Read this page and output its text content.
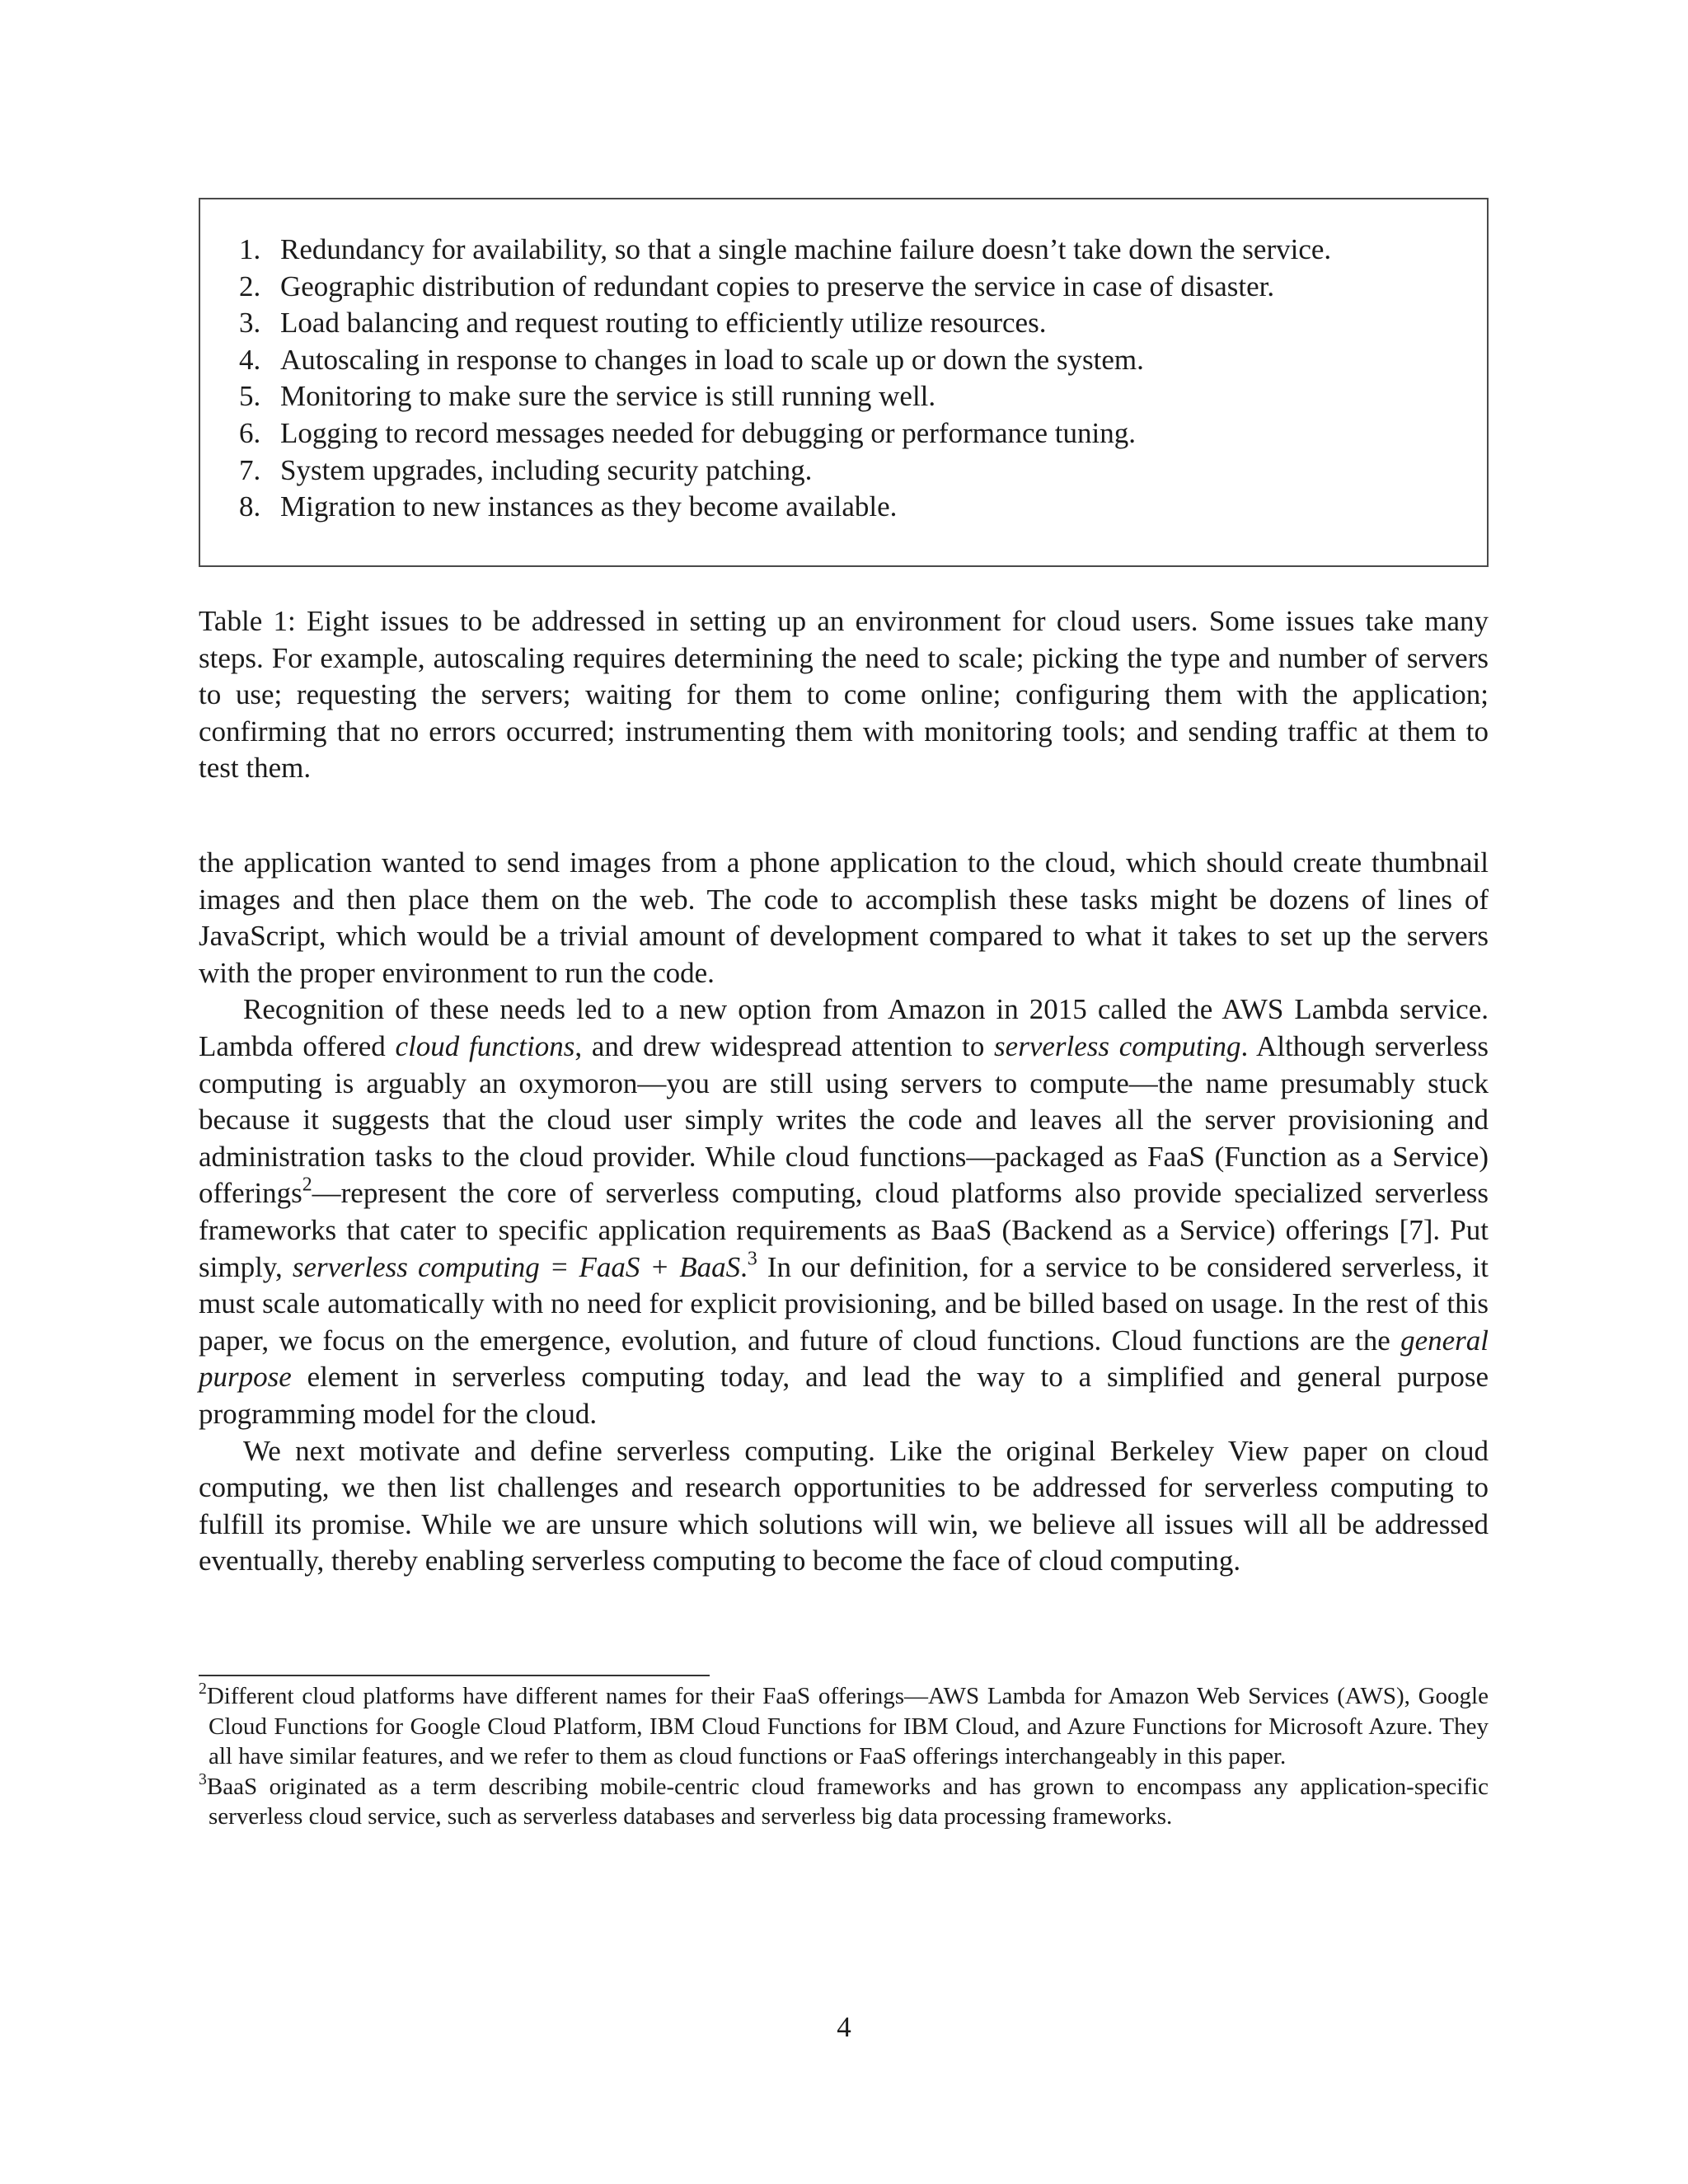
1. Redundancy for availability, so that a single machine failure doesn’t take down the service.
2. Geographic distribution of redundant copies to preserve the service in case of disaster.
3. Load balancing and request routing to efficiently utilize resources.
4. Autoscaling in response to changes in load to scale up or down the system.
5. Monitoring to make sure the service is still running well.
6. Logging to record messages needed for debugging or performance tuning.
7. System upgrades, including security patching.
8. Migration to new instances as they become available.

Table 1: Eight issues to be addressed in setting up an environment for cloud users. Some issues take many steps. For example, autoscaling requires determining the need to scale; picking the type and number of servers to use; requesting the servers; waiting for them to come online; configuring them with the application; confirming that no errors occurred; instrumenting them with monitoring tools; and sending traffic at them to test them.

the application wanted to send images from a phone application to the cloud, which should create thumbnail images and then place them on the web. The code to accomplish these tasks might be dozens of lines of JavaScript, which would be a trivial amount of development compared to what it takes to set up the servers with the proper environment to run the code.

Recognition of these needs led to a new option from Amazon in 2015 called the AWS Lambda service. Lambda offered cloud functions, and drew widespread attention to serverless computing. Although serverless computing is arguably an oxymoron—you are still using servers to compute—the name presumably stuck because it suggests that the cloud user simply writes the code and leaves all the server provisioning and administration tasks to the cloud provider. While cloud functions—packaged as FaaS (Function as a Service) offerings$^2$—represent the core of serverless computing, cloud platforms also provide specialized serverless frameworks that cater to specific application requirements as BaaS (Backend as a Service) offerings [7]. Put simply, serverless computing = FaaS + BaaS.$^3$ In our definition, for a service to be considered serverless, it must scale automatically with no need for explicit provisioning, and be billed based on usage. In the rest of this paper, we focus on the emergence, evolution, and future of cloud functions. Cloud functions are the general purpose element in serverless computing today, and lead the way to a simplified and general purpose programming model for the cloud.

We next motivate and define serverless computing. Like the original Berkeley View paper on cloud computing, we then list challenges and research opportunities to be addressed for serverless computing to fulfill its promise. While we are unsure which solutions will win, we believe all issues will all be addressed eventually, thereby enabling serverless computing to become the face of cloud computing.

$^2$Different cloud platforms have different names for their FaaS offerings—AWS Lambda for Amazon Web Services (AWS), Google Cloud Functions for Google Cloud Platform, IBM Cloud Functions for IBM Cloud, and Azure Functions for Microsoft Azure. They all have similar features, and we refer to them as cloud functions or FaaS offerings interchangeably in this paper.

$^3$BaaS originated as a term describing mobile-centric cloud frameworks and has grown to encompass any application-specific serverless cloud service, such as serverless databases and serverless big data processing frameworks.

4
